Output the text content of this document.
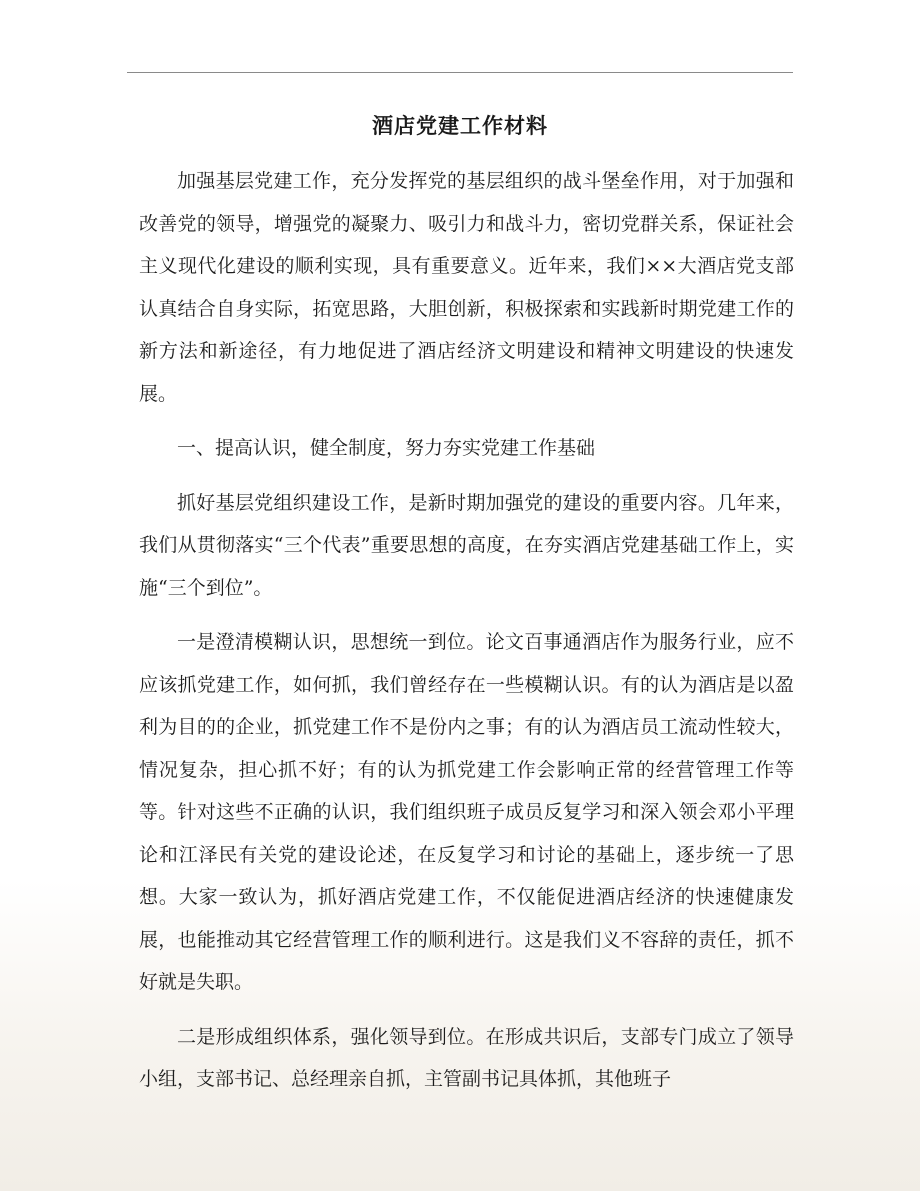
酒店党建工作材料

加强基层党建工作，充分发挥党的基层组织的战斗堡垒作用，对于加强和改善党的领导，增强党的凝聚力、吸引力和战斗力，密切党群关系，保证社会主义现代化建设的顺利实现，具有重要意义。近年来，我们××大酒店党支部认真结合自身实际，拓宽思路，大胆创新，积极探索和实践新时期党建工作的新方法和新途径，有力地促进了酒店经济文明建设和精神文明建设的快速发展。

一、提高认识，健全制度，努力夯实党建工作基础

抓好基层党组织建设工作，是新时期加强党的建设的重要内容。几年来，我们从贯彻落实“三个代表”重要思想的高度，在夯实酒店党建基础工作上，实施“三个到位”。

一是澄清模糊认识，思想统一到位。论文百事通酒店作为服务行业，应不应该抓党建工作，如何抓，我们曾经存在一些模糊认识。有的认为酒店是以盈利为目的的企业，抓党建工作不是份内之事；有的认为酒店员工流动性较大，情况复杂，担心抓不好；有的认为抓党建工作会影响正常的经营管理工作等等。针对这些不正确的认识，我们组织班子成员反复学习和深入领会邓小平理论和江泽民有关党的建设论述，在反复学习和讨论的基础上，逐步统一了思想。大家一致认为，抓好酒店党建工作，不仅能促进酒店经济的快速健康发展，也能推动其它经营管理工作的顺利进行。这是我们义不容辞的责任，抓不好就是失职。

二是形成组织体系，强化领导到位。在形成共识后，支部专门成立了领导小组，支部书记、总经理亲自抓，主管副书记具体抓，其他班子
